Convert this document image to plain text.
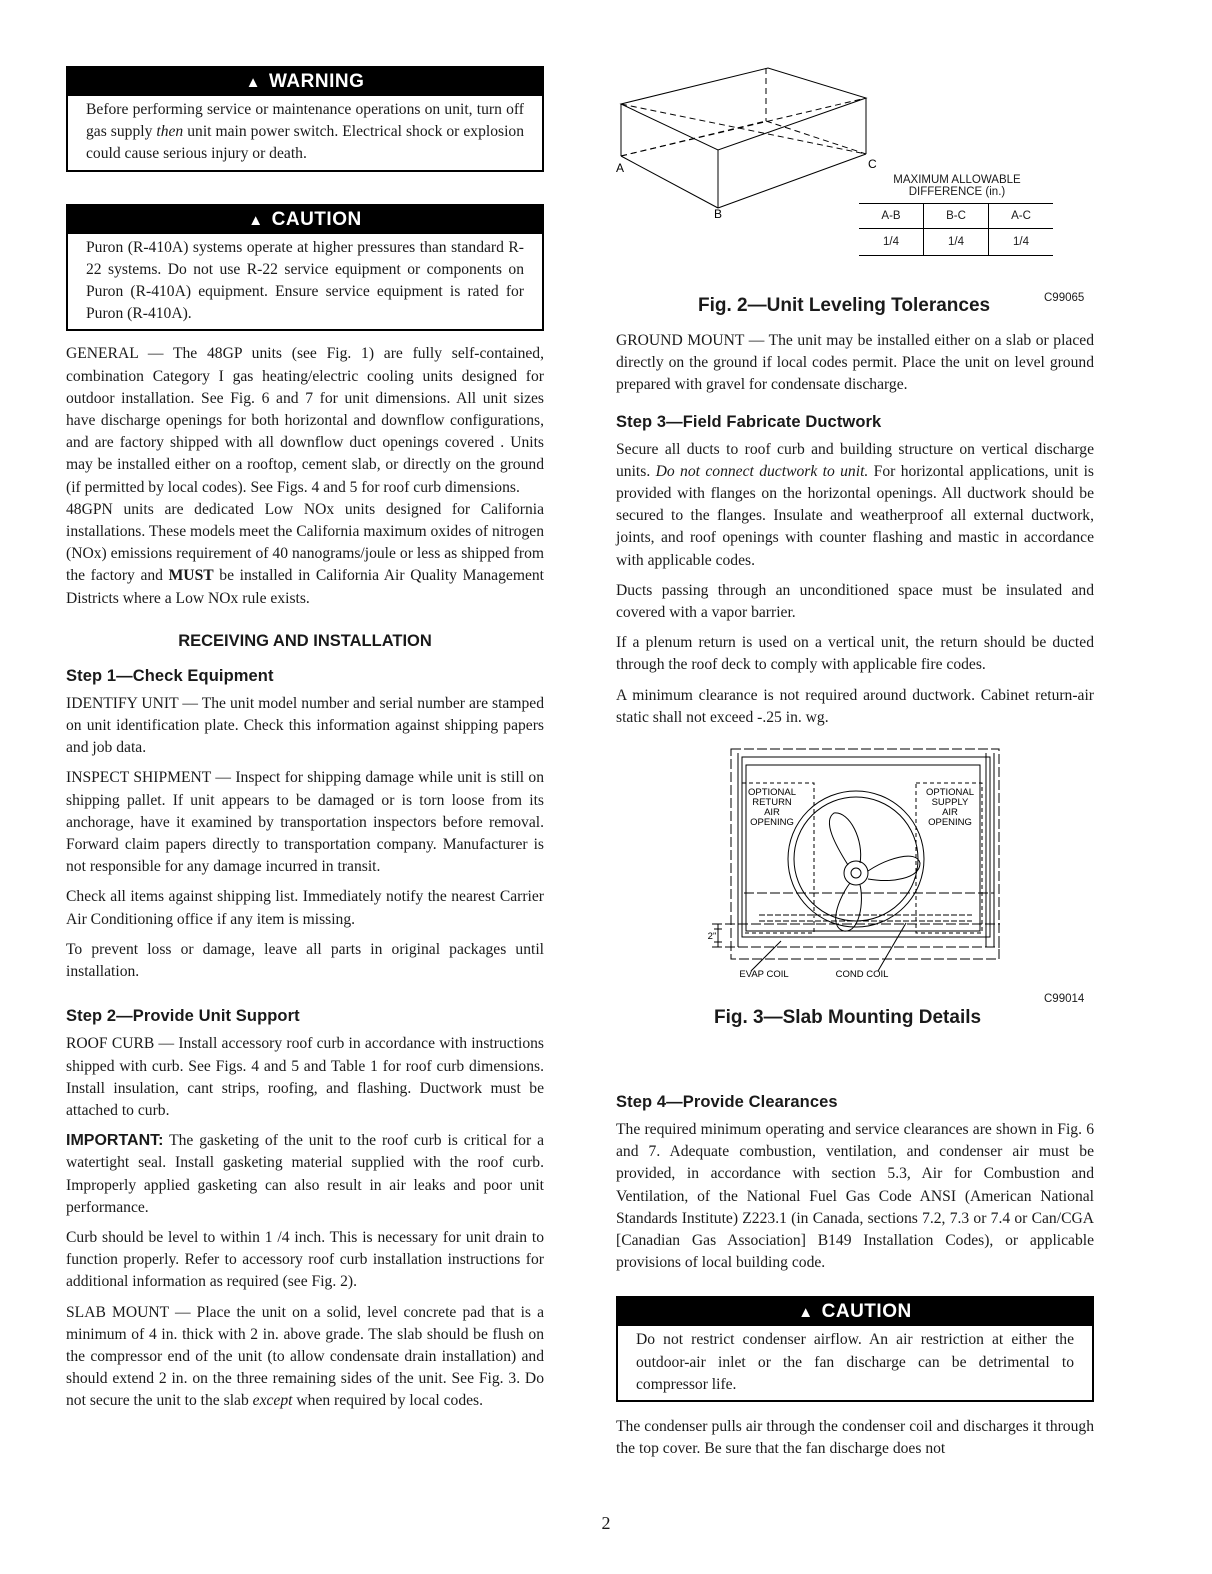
▲ WARNING
Before performing service or maintenance operations on unit, turn off gas supply then unit main power switch. Electrical shock or explosion could cause serious injury or death.
▲ CAUTION
Puron (R-410A) systems operate at higher pressures than standard R-22 systems. Do not use R-22 service equipment or components on Puron (R-410A) equipment. Ensure service equipment is rated for Puron (R-410A).

GENERAL — The 48GP units (see Fig. 1) are fully self-contained, combination Category I gas heating/electric cooling units designed for outdoor installation. See Fig. 6 and 7 for unit dimensions. All unit sizes have discharge openings for both horizontal and downflow configurations, and are factory shipped with all downflow duct openings covered . Units may be installed either on a rooftop, cement slab, or directly on the ground (if permitted by local codes). See Figs. 4 and 5 for roof curb dimensions.

48GPN units are dedicated Low NOx units designed for California installations. These models meet the California maximum oxides of nitrogen (NOx) emissions requirement of 40 nanograms/joule or less as shipped from the factory and MUST be installed in California Air Quality Management Districts where a Low NOx rule exists.

RECEIVING AND INSTALLATION
Step 1—Check Equipment

IDENTIFY UNIT — The unit model number and serial number are stamped on unit identification plate. Check this information against shipping papers and job data.

INSPECT SHIPMENT — Inspect for shipping damage while unit is still on shipping pallet. If unit appears to be damaged or is torn loose from its anchorage, have it examined by transportation inspectors before removal. Forward claim papers directly to transportation company. Manufacturer is not responsible for any damage incurred in transit.

Check all items against shipping list. Immediately notify the nearest Carrier Air Conditioning office if any item is missing.

To prevent loss or damage, leave all parts in original packages until installation.

Step 2—Provide Unit Support

ROOF CURB — Install accessory roof curb in accordance with instructions shipped with curb. See Figs. 4 and 5 and Table 1 for roof curb dimensions. Install insulation, cant strips, roofing, and flashing. Ductwork must be attached to curb.

IMPORTANT: The gasketing of the unit to the roof curb is critical for a watertight seal. Install gasketing material supplied with the roof curb. Improperly applied gasketing can also result in air leaks and poor unit performance.

Curb should be level to within 1 /4 inch. This is necessary for unit drain to function properly. Refer to accessory roof curb installation instructions for additional information as required (see Fig. 2).

SLAB MOUNT — Place the unit on a solid, level concrete pad that is a minimum of 4 in. thick with 2 in. above grade. The slab should be flush on the compressor end of the unit (to allow condensate drain installation) and should extend 2 in. on the three remaining sides of the unit. See Fig. 3. Do not secure the unit to the slab except when required by local codes.

A
B
C
MAXIMUM ALLOWABLE
DIFFERENCE (in.)
A-B	B-C	A-C
1/4	1/4	1/4
Fig. 2—Unit Leveling Tolerances	C99065

GROUND MOUNT — The unit may be installed either on a slab or placed directly on the ground if local codes permit. Place the unit on level ground prepared with gravel for condensate discharge.

Step 3—Field Fabricate Ductwork

Secure all ducts to roof curb and building structure on vertical discharge units. Do not connect ductwork to unit. For horizontal applications, unit is provided with flanges on the horizontal openings. All ductwork should be secured to the flanges. Insulate and weatherproof all external ductwork, joints, and roof openings with counter flashing and mastic in accordance with applicable codes.

Ducts passing through an unconditioned space must be insulated and covered with a vapor barrier.

If a plenum return is used on a vertical unit, the return should be ducted through the roof deck to comply with applicable fire codes.

A minimum clearance is not required around ductwork. Cabinet return-air static shall not exceed -.25 in. wg.

OPTIONAL
RETURN
AIR
OPENING
OPTIONAL
SUPPLY
AIR
OPENING
2"
EVAP COIL	COND COIL
C99014
Fig. 3—Slab Mounting Details
Step 4—Provide Clearances

The required minimum operating and service clearances are shown in Fig. 6 and 7. Adequate combustion, ventilation, and condenser air must be provided, in accordance with section 5.3, Air for Combustion and Ventilation, of the National Fuel Gas Code ANSI (American National Standards Institute) Z223.1 (in Canada, sections 7.2, 7.3 or 7.4 or Can/CGA [Canadian Gas Association] B149 Installation Codes), or applicable provisions of local building code.

▲ CAUTION
Do not restrict condenser airflow. An air restriction at either the outdoor-air inlet or the fan discharge can be detrimental to compressor life.

The condenser pulls air through the condenser coil and discharges it through the top cover. Be sure that the fan discharge does not

2
